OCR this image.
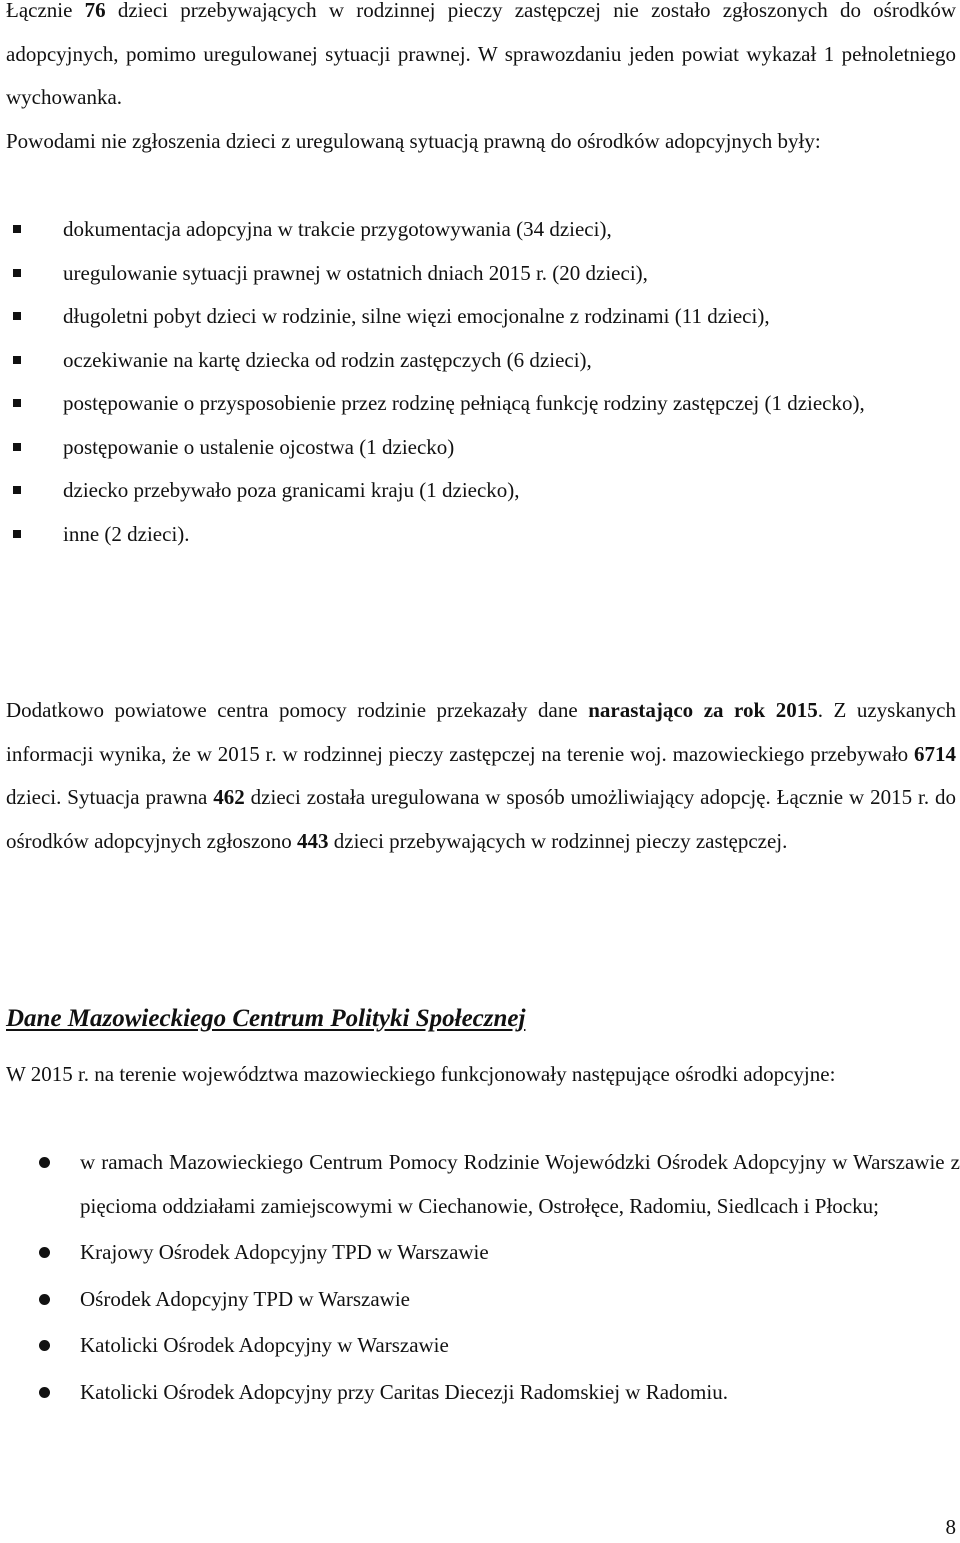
Łącznie 76 dzieci przebywających w rodzinnej pieczy zastępczej nie zostało zgłoszonych do ośrodków adopcyjnych, pomimo uregulowanej sytuacji prawnej. W sprawozdaniu jeden powiat wykazał 1 pełnoletniego wychowanka.

Powodami nie zgłoszenia dzieci z uregulowaną sytuacją prawną do ośrodków adopcyjnych były:

dokumentacja adopcyjna w trakcie przygotowywania (34 dzieci),
uregulowanie sytuacji prawnej w ostatnich dniach 2015 r. (20 dzieci),
długoletni pobyt dzieci w rodzinie, silne więzi emocjonalne z rodzinami (11 dzieci),
oczekiwanie na kartę dziecka od rodzin zastępczych (6 dzieci),
postępowanie o przysposobienie przez rodzinę pełniącą funkcję rodziny zastępczej (1 dziecko),
postępowanie o ustalenie ojcostwa (1 dziecko)
dziecko przebywało poza granicami kraju (1 dziecko),
inne (2 dzieci).

Dodatkowo powiatowe centra pomocy rodzinie przekazały dane narastająco za rok 2015. Z uzyskanych informacji wynika, że w 2015 r. w rodzinnej pieczy zastępczej na terenie woj. mazowieckiego przebywało 6714 dzieci. Sytuacja prawna 462 dzieci została uregulowana w sposób umożliwiający adopcję. Łącznie w 2015 r. do ośrodków adopcyjnych zgłoszono 443 dzieci przebywających w rodzinnej pieczy zastępczej.

Dane Mazowieckiego Centrum Polityki Społecznej

W 2015 r. na terenie województwa mazowieckiego funkcjonowały następujące ośrodki adopcyjne:

w ramach Mazowieckiego Centrum Pomocy Rodzinie Wojewódzki Ośrodek Adopcyjny w Warszawie z pięcioma oddziałami zamiejscowymi w Ciechanowie, Ostrołęce, Radomiu, Siedlcach i Płocku;
Krajowy Ośrodek Adopcyjny TPD w Warszawie
Ośrodek Adopcyjny TPD w Warszawie
Katolicki Ośrodek Adopcyjny w Warszawie
Katolicki Ośrodek Adopcyjny przy Caritas Diecezji Radomskiej w Radomiu.
8
